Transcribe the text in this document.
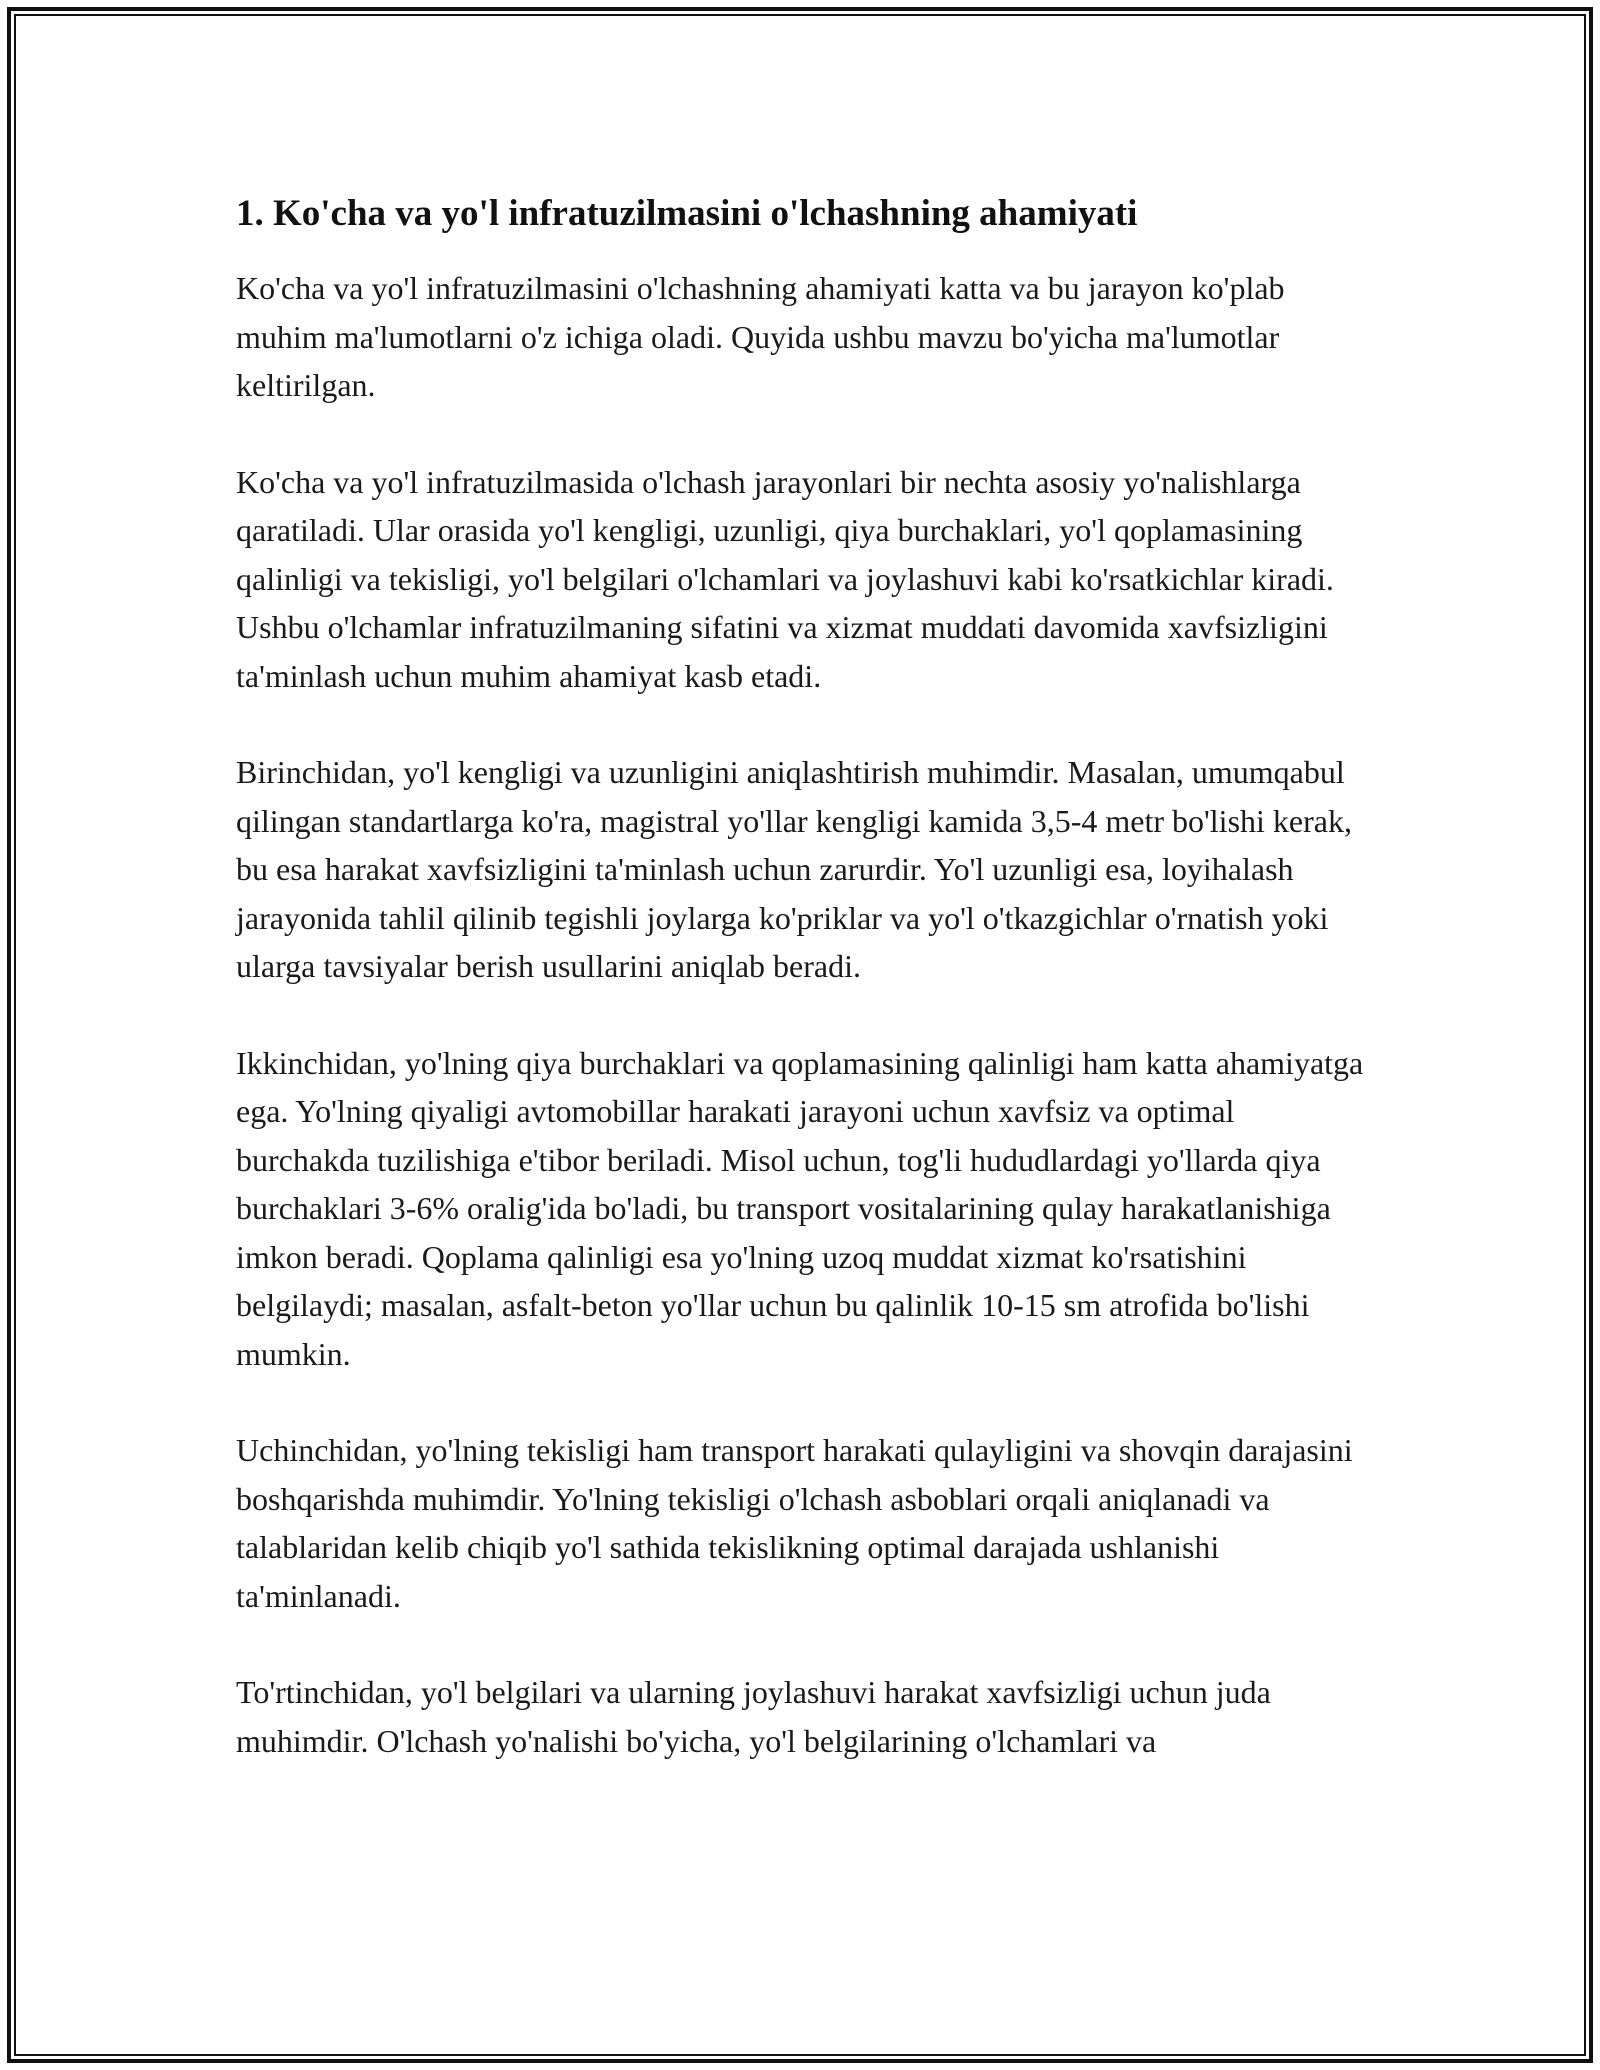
1. Ko'cha va yo'l infratuzilmasini o'lchashning ahamiyati

Ko'cha va yo'l infratuzilmasini o'lchashning ahamiyati katta va bu jarayon ko'plab muhim ma'lumotlarni o'z ichiga oladi. Quyida ushbu mavzu bo'yicha ma'lumotlar keltirilgan.

Ko'cha va yo'l infratuzilmasida o'lchash jarayonlari bir nechta asosiy yo'nalishlarga qaratiladi. Ular orasida yo'l kengligi, uzunligi, qiya burchaklari, yo'l qoplamasining qalinligi va tekisligi, yo'l belgilari o'lchamlari va joylashuvi kabi ko'rsatkichlar kiradi. Ushbu o'lchamlar infratuzilmaning sifatini va xizmat muddati davomida xavfsizligini ta'minlash uchun muhim ahamiyat kasb etadi.

Birinchidan, yo'l kengligi va uzunligini aniqlashtirish muhimdir. Masalan, umumqabul qilingan standartlarga ko'ra, magistral yo'llar kengligi kamida 3,5-4 metr bo'lishi kerak, bu esa harakat xavfsizligini ta'minlash uchun zarurdir. Yo'l uzunligi esa, loyihalash jarayonida tahlil qilinib tegishli joylarga ko'priklar va yo'l o'tkazgichlar o'rnatish yoki ularga tavsiyalar berish usullarini aniqlab beradi.

Ikkinchidan, yo'lning qiya burchaklari va qoplamasining qalinligi ham katta ahamiyatga ega. Yo'lning qiyaligi avtomobillar harakati jarayoni uchun xavfsiz va optimal burchakda tuzilishiga e'tibor beriladi. Misol uchun, tog'li hududlardagi yo'llarda qiya burchaklari 3-6% oralig'ida bo'ladi, bu transport vositalarining qulay harakatlanishiga imkon beradi. Qoplama qalinligi esa yo'lning uzoq muddat xizmat ko'rsatishini belgilaydi; masalan, asfalt-beton yo'llar uchun bu qalinlik 10-15 sm atrofida bo'lishi mumkin.

Uchinchidan, yo'lning tekisligi ham transport harakati qulayligini va shovqin darajasini boshqarishda muhimdir. Yo'lning tekisligi o'lchash asboblari orqali aniqlanadi va talablaridan kelib chiqib yo'l sathida tekislikning optimal darajada ushlanishi ta'minlanadi.

To'rtinchidan, yo'l belgilari va ularning joylashuvi harakat xavfsizligi uchun juda muhimdir. O'lchash yo'nalishi bo'yicha, yo'l belgilarining o'lchamlari va
